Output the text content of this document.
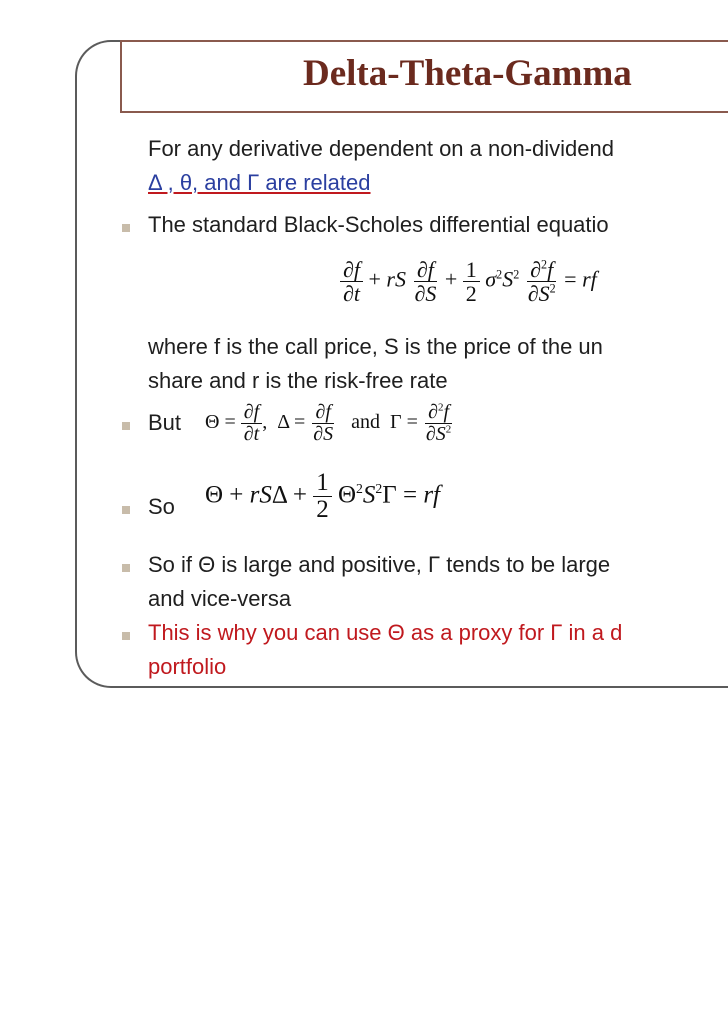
Delta-Theta-Gamma
For any derivative dependent on a non-dividend
Δ , θ, and Γ are related
The standard Black-Scholes differential equatio
$\frac{\partial f}{\partial t}$ + rS $\frac{\partial f}{\partial S} + \frac{1}{2} \sigma^2S^2 \frac{\partial^2f}{\partial S^2}$ = rf
where f is the call price, S is the price of the un
share and r is the risk-free rate
But $\Theta = \frac{\partial f}{\partial t}$ ,  $\Delta = \frac{\partial f}{\partial S}$ and  $\Gamma = \frac{\partial^2f}{\partial S^2}$
So $\Theta + rS\Delta + \frac{1}{2} \Theta^2S^2\Gamma$ = rf
So if Θ is large and positive, Γ tends to be large
and vice-versa
This is why you can use Θ as a proxy for Γ in a d
portfolio
